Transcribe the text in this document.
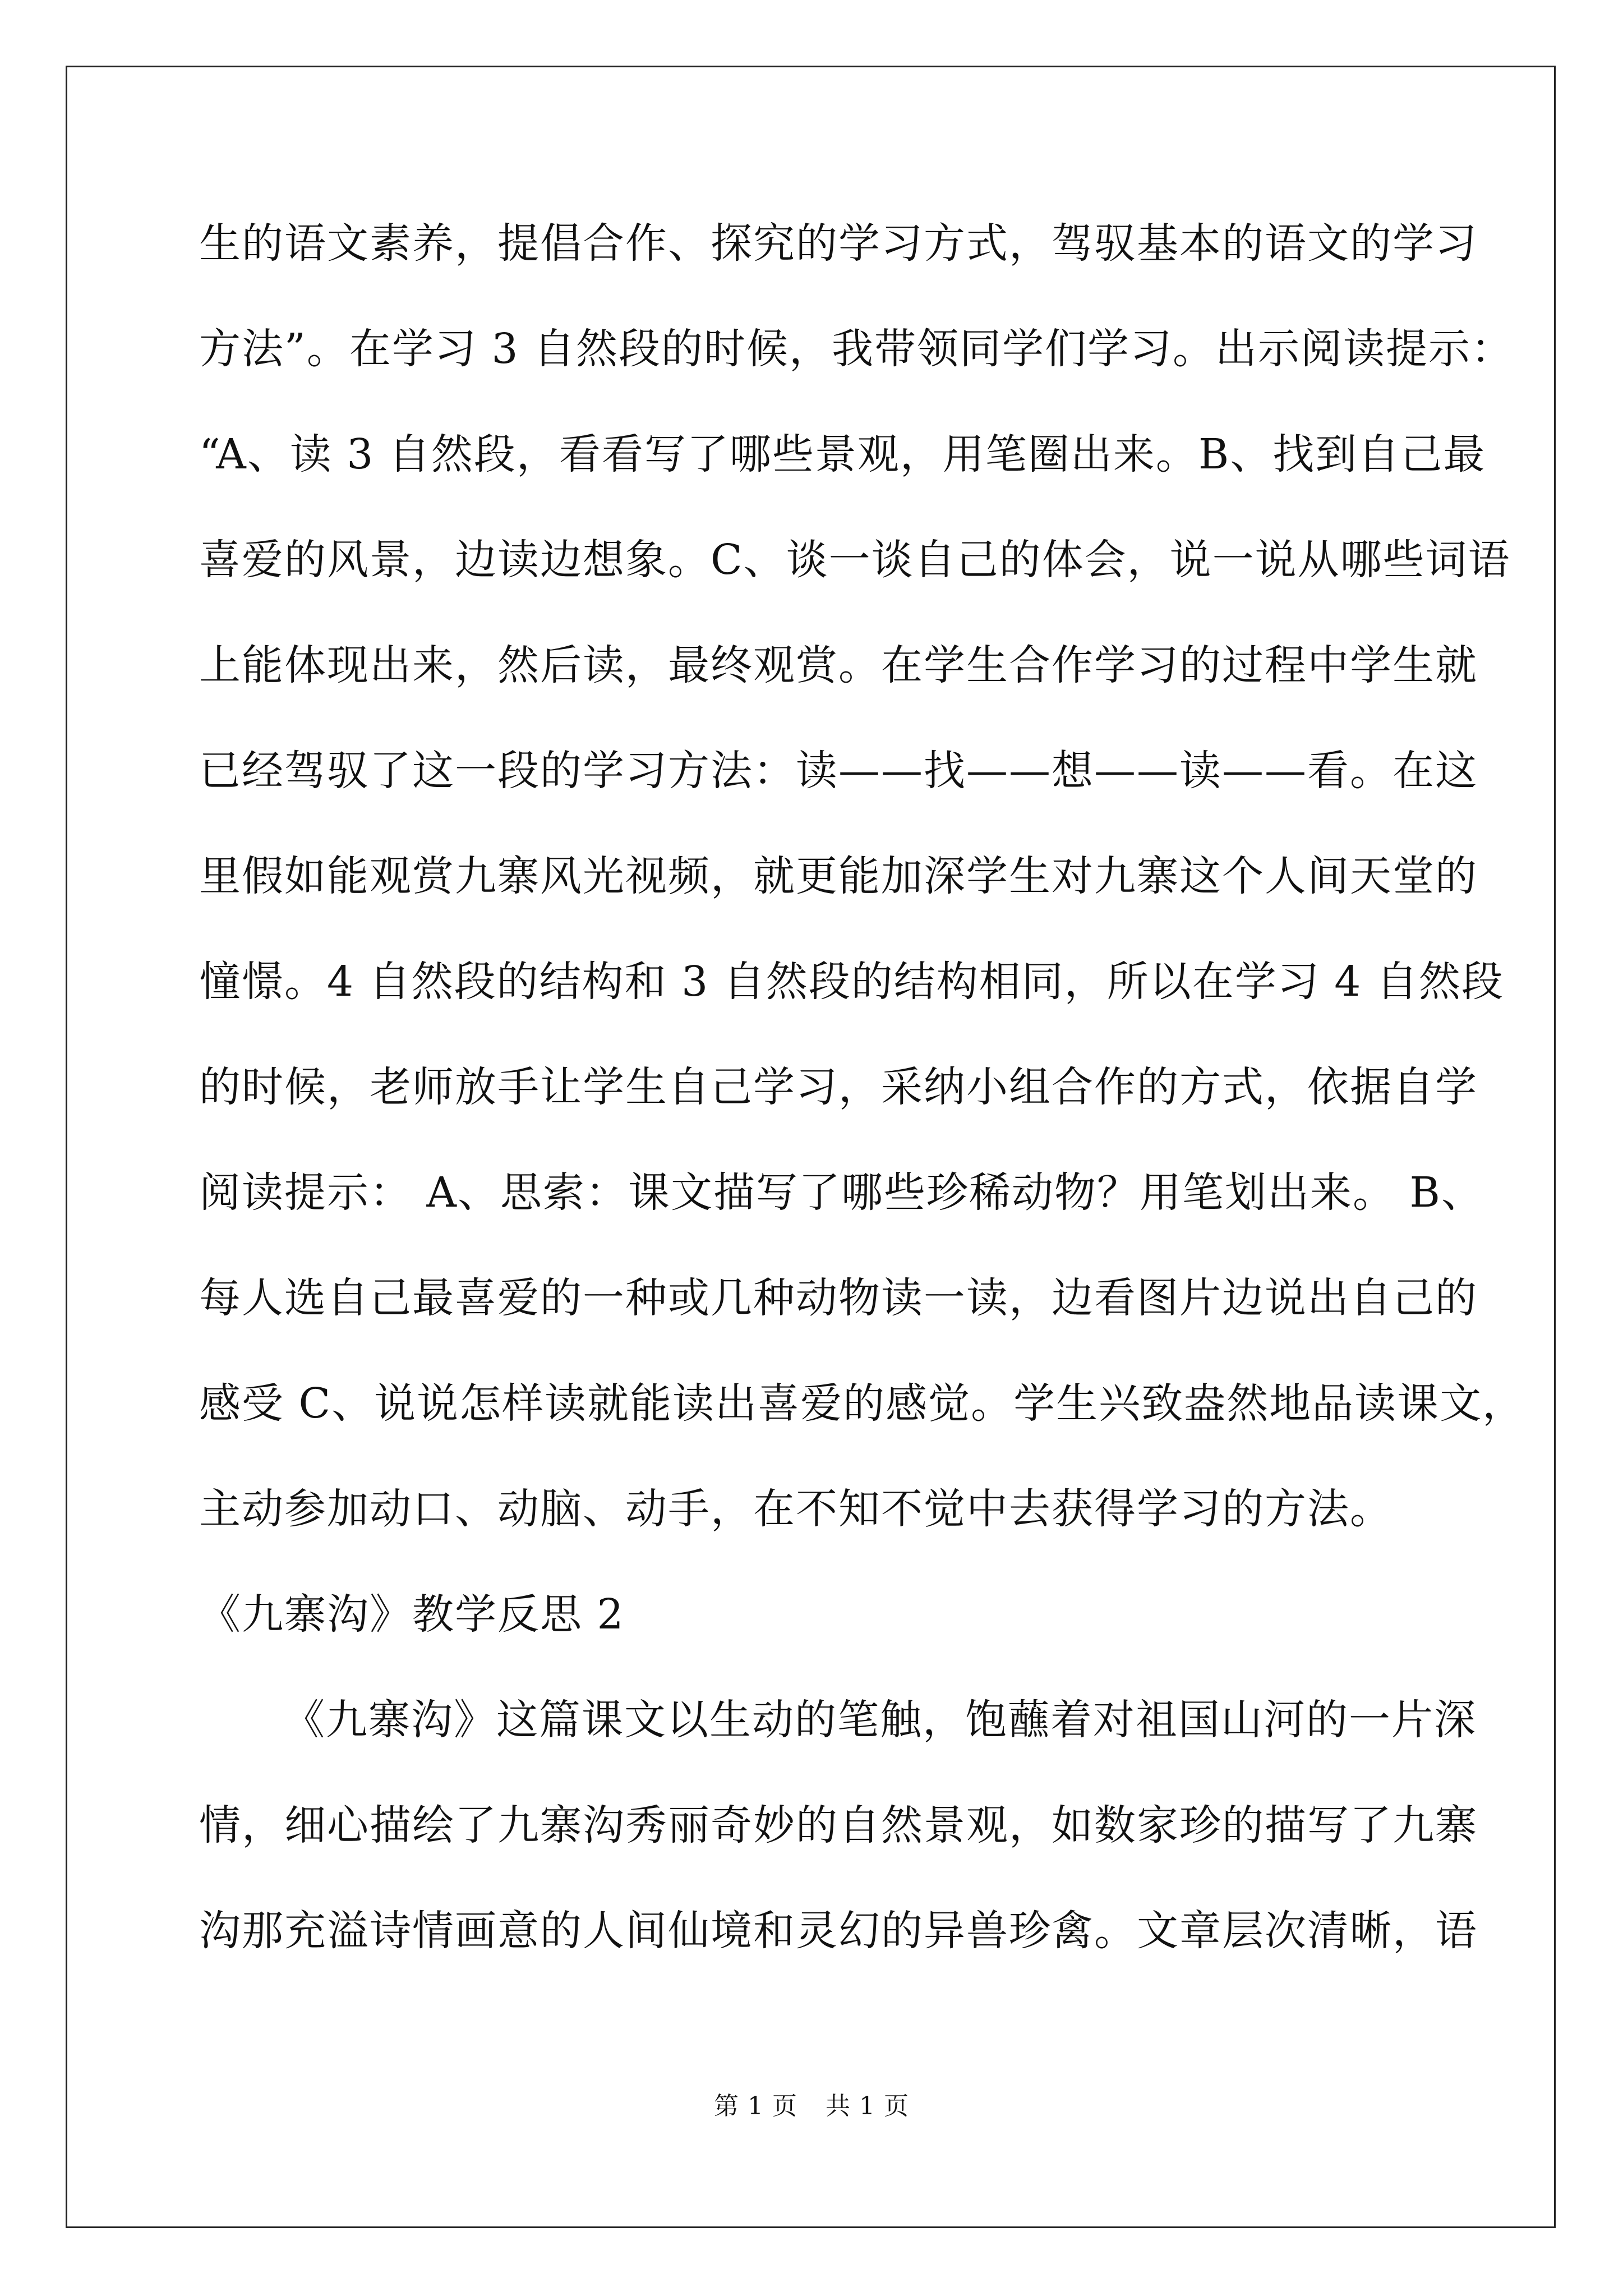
生的语文素养，提倡合作、探究的学习方式，驾驭基本的语文的学习
方法”。在学习 3 自然段的时候，我带领同学们学习。出示阅读提示：
“A、读 3 自然段，看看写了哪些景观，用笔圈出来。B、找到自己最
喜爱的风景，边读边想象。C、谈一谈自己的体会，说一说从哪些词语
上能体现出来，然后读，最终观赏。在学生合作学习的过程中学生就
已经驾驭了这一段的学习方法：读——找——想——读——看。在这
里假如能观赏九寨风光视频，就更能加深学生对九寨这个人间天堂的
憧憬。4 自然段的结构和 3 自然段的结构相同，所以在学习 4 自然段
的时候，老师放手让学生自己学习，采纳小组合作的方式，依据自学
阅读提示： A、思索：课文描写了哪些珍稀动物？用笔划出来。 B、
每人选自己最喜爱的一种或几种动物读一读，边看图片边说出自己的
感受 C、说说怎样读就能读出喜爱的感觉。学生兴致盎然地品读课文，
主动参加动口、动脑、动手，在不知不觉中去获得学习的方法。
《九寨沟》教学反思 2
《九寨沟》这篇课文以生动的笔触，饱蘸着对祖国山河的一片深
情，细心描绘了九寨沟秀丽奇妙的自然景观，如数家珍的描写了九寨
沟那充溢诗情画意的人间仙境和灵幻的异兽珍禽。文章层次清晰，语
第 1 页 共 1 页
